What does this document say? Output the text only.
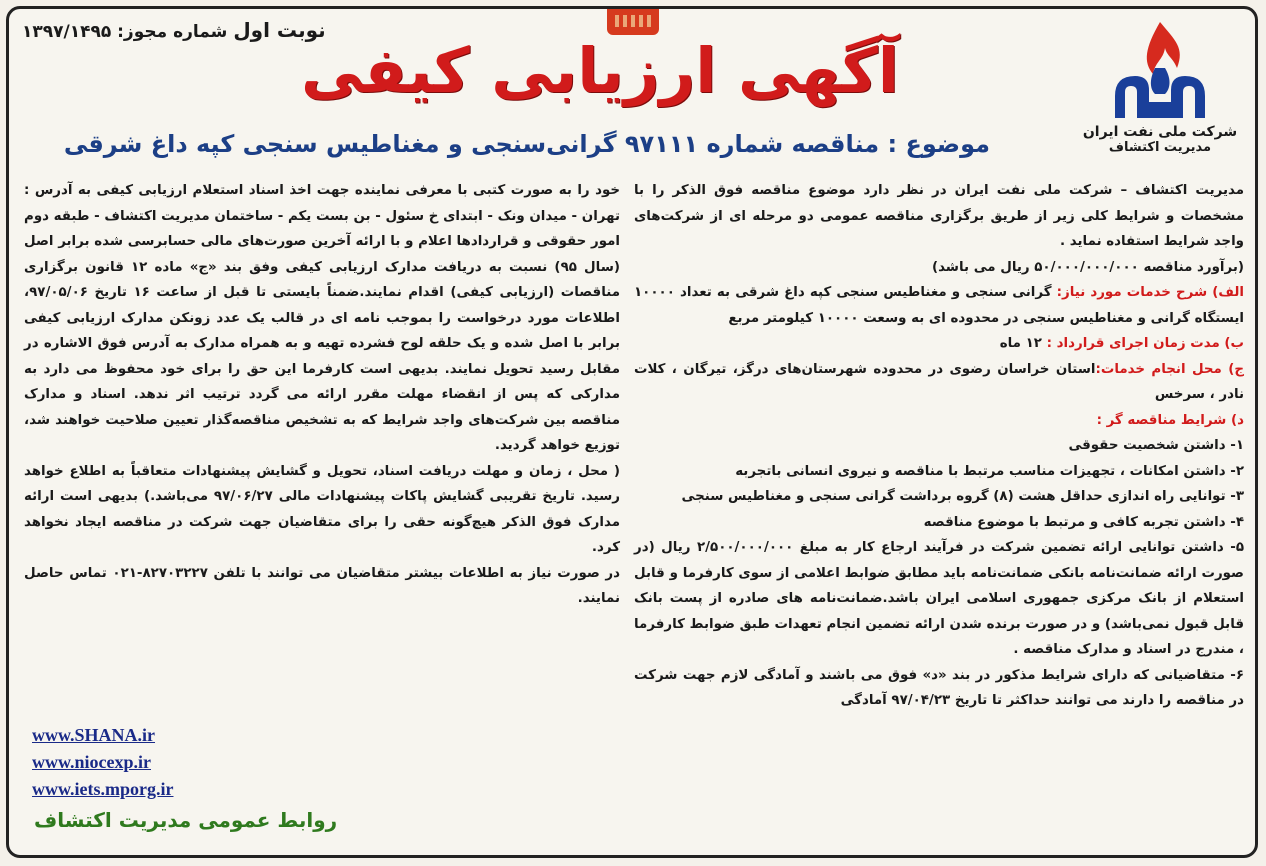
نوبت اول شماره مجوز: ۱۳۹۷/۱۴۹۵
شرکت ملی نفت ایران
مدیریت اکتشاف
آگهی ارزیابی کیفی
موضوع : مناقصه شماره ۹۷۱۱۱ گرانی‌سنجی و مغناطیس سنجی کپه داغ شرقی

مدیریت اکتشاف – شرکت ملی نفت ایران در نظر دارد موضوع مناقصه فوق الذکر را با مشخصات و شرایط کلی زیر از طریق برگزاری مناقصه عمومی دو مرحله ای از شرکت‌های واجد شرایط استفاده نماید .

(برآورد مناقصه ۵۰/۰۰۰/۰۰۰/۰۰۰ ریال می باشد)

الف) شرح خدمات مورد نیاز: گرانی سنجی و مغناطیس سنجی کپه داغ شرقی به تعداد ۱۰۰۰۰ ایستگاه گرانی و مغناطیس سنجی در محدوده ای به وسعت ۱۰۰۰۰ کیلومتر مربع

ب) مدت زمان اجرای قرارداد : ۱۲ ماه

ج) محل انجام خدمات:استان خراسان رضوی در محدوده شهرستان‌های درگز، تیرگان ، کلات نادر ، سرخس

د) شرایط مناقصه گر :

۱- داشتن شخصیت حقوقی

۲- داشتن امکانات ، تجهیزات مناسب مرتبط با مناقصه و نیروی انسانی باتجربه

۳- توانایی راه اندازی حداقل هشت (۸) گروه برداشت گرانی سنجی و مغناطیس سنجی

۴- داشتن تجربه کافی و مرتبط با موضوع مناقصه

۵- داشتن توانایی ارائه تضمین شرکت در فرآیند ارجاع کار به مبلغ ۲/۵۰۰/۰۰۰/۰۰۰ ریال (در صورت ارائه ضمانت‌نامه بانکی ضمانت‌نامه باید مطابق ضوابط اعلامی از سوی کارفرما و قابل استعلام از بانک مرکزی جمهوری اسلامی ایران باشد.ضمانت‌نامه های صادره از پست بانک قابل قبول نمی‌باشد) و در صورت برنده شدن ارائه تضمین انجام تعهدات طبق ضوابط کارفرما ، مندرج در اسناد و مدارک مناقصه .

۶- متقاضیانی که دارای شرایط مذکور در بند «د» فوق می باشند و آمادگی لازم جهت شرکت در مناقصه را دارند می توانند حداکثر تا تاریخ ۹۷/۰۴/۲۳ آمادگی

خود را به صورت کتبی با معرفی نماینده جهت اخذ اسناد استعلام ارزیابی کیفی به آدرس : تهران - میدان ونک - ابتدای خ سئول - بن بست یکم - ساختمان مدیریت اکتشاف - طبقه دوم امور حقوقی و قراردادها اعلام و با ارائه آخرین صورت‌های مالی حسابرسی شده برابر اصل (سال ۹۵) نسبت به دریافت مدارک ارزیابی کیفی وفق بند «ج» ماده ۱۲ قانون برگزاری مناقصات (ارزیابی کیفی) اقدام نمایند.ضمناً بایستی تا قبل از ساعت ۱۶ تاریخ ۹۷/۰۵/۰۶، اطلاعات مورد درخواست را بموجب نامه ای در قالب یک عدد زونکن مدارک ارزیابی کیفی برابر با اصل شده و یک حلقه لوح فشرده تهیه و به همراه مدارک به آدرس فوق الاشاره در مقابل رسید تحویل نمایند. بدیهی است کارفرما این حق را برای خود محفوظ می دارد به مدارکی که پس از انقضاء مهلت مقرر ارائه می گردد ترتیب اثر ندهد. اسناد و مدارک مناقصه بین شرکت‌های واجد شرایط که به تشخیص مناقصه‌گذار تعیین صلاحیت خواهند شد، توزیع خواهد گردید.

( محل ، زمان و مهلت دریافت اسناد، تحویل و گشایش پیشنهادات متعاقباً به اطلاع خواهد رسید. تاریخ تقریبی گشایش پاکات پیشنهادات مالی ۹۷/۰۶/۲۷ می‌باشد.) بدیهی است ارائه مدارک فوق الذکر هیچ‌گونه حقی را برای متقاضیان جهت شرکت در مناقصه ایجاد نخواهد کرد.

در صورت نیاز به اطلاعات بیشتر متقاضیان می توانند با تلفن ۸۲۷۰۳۲۲۷-۰۲۱ تماس حاصل نمایند.

www.SHANA.ir
www.niocexp.ir
www.iets.mporg.ir
روابط عمومی مدیریت اکتشاف
